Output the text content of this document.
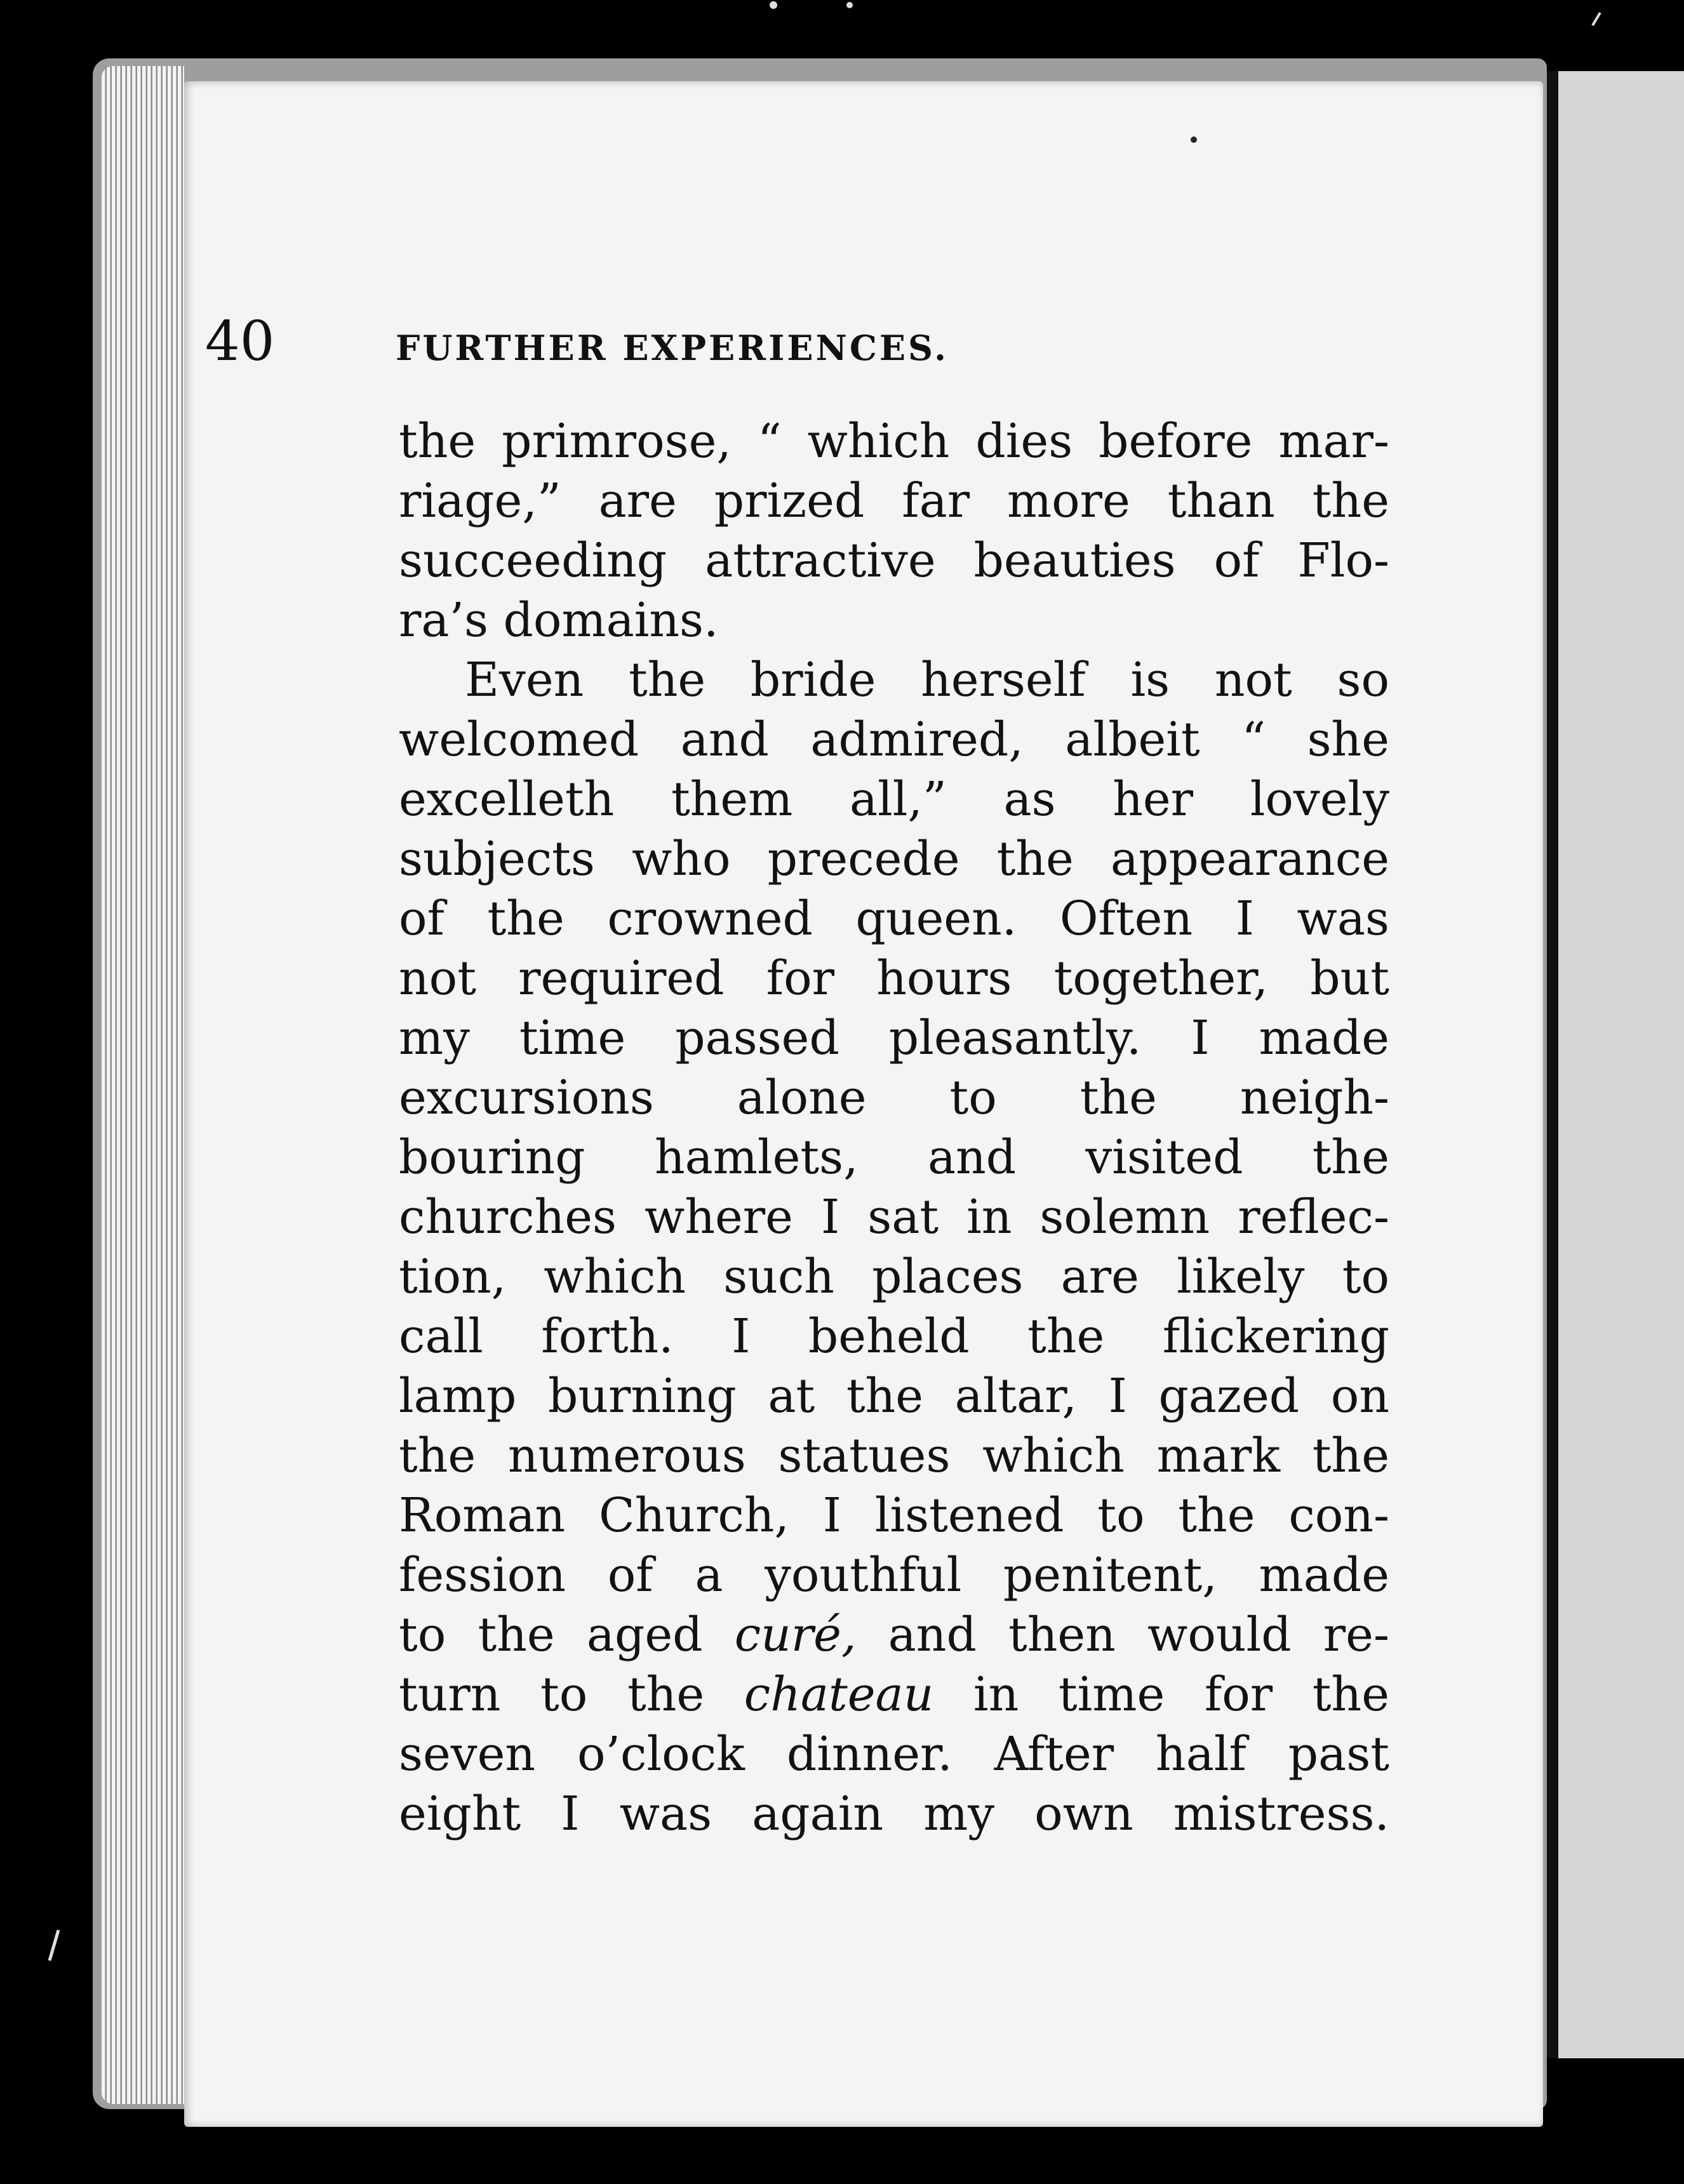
40	FURTHER EXPERIENCES.
the primrose, “ which dies before mar-
riage,” are prized far more than the
succeeding attractive beauties of Flo-
ra’s domains.
Even the bride herself is not so
welcomed and admired, albeit “ she
excelleth them all,” as her lovely
subjects who precede the appearance
of the crowned queen. Often I was
not required for hours together, but
my time passed pleasantly. I made
excursions alone to the neigh-
bouring hamlets, and visited the
churches where I sat in solemn reflec-
tion, which such places are likely to
call forth. I beheld the flickering
lamp burning at the altar, I gazed on
the numerous statues which mark the
Roman Church, I listened to the con-
fession of a youthful penitent, made
to the aged curé, and then would re-
turn to the chateau in time for the
seven o’clock dinner. After half past
eight I was again my own mistress.
